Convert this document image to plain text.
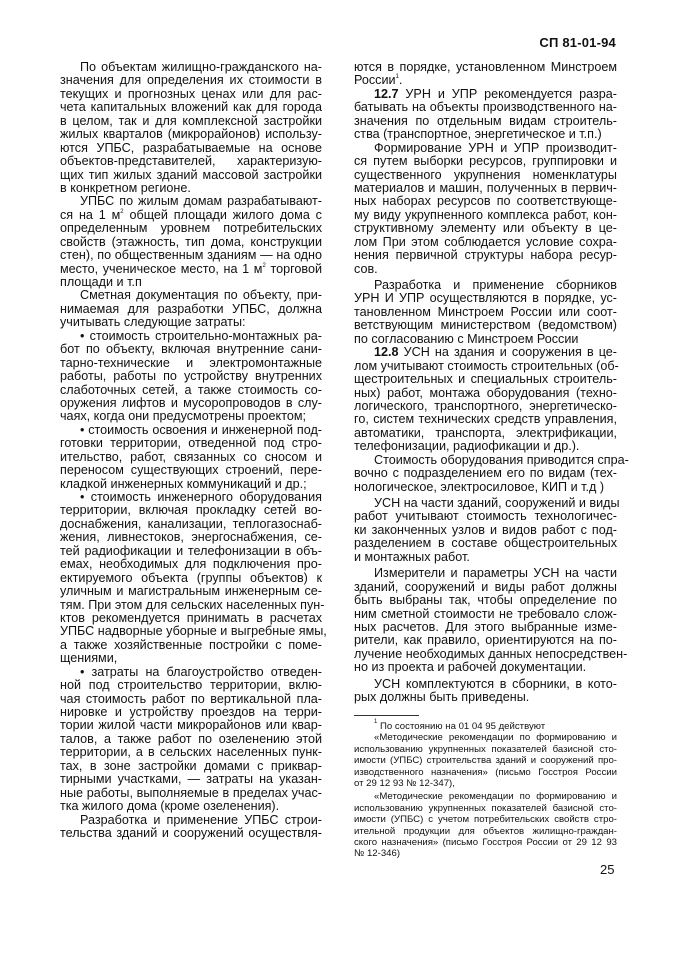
СП 81-01-94
По объектам жилищно-гражданского на-
значения для определения их стоимости в
текущих и прогнозных ценах или для рас-
чета капитальных вложений как для города
в целом, так и для комплексной застройки
жилых кварталов (микрорайонов) использу-
ются УПБС, разрабатываемые на основе
объектов-представителей, характеризую-
щих тип жилых зданий массовой застройки
в конкретном регионе.
УПБС по жилым домам разрабатывают-
ся на 1 $м^2$ общей площади жилого дома с
определенным уровнем потребительских
свойств (этажность, тип дома, конструкции
стен), по общественным зданиям — на одно
место, ученическое место, на 1 $м^2$ торговой
площади и т.п
Сметная документация по объекту, при-
нимаемая для разработки УПБС, должна
учитывать следующие затраты:
• стоимость строительно-монтажных ра-
бот по объекту, включая внутренние сани-
тарно-технические и электромонтажные
работы, работы по устройству внутренних
слаботочных сетей, а также стоимость со-
оружения лифтов и мусоропроводов в слу-
чаях, когда они предусмотрены проектом;
• стоимость освоения и инженерной под-
готовки территории, отведенной под стро-
ительство, работ, связанных со сносом и
переносом существующих строений, пере-
кладкой инженерных коммуникаций и др.;
• стоимость инженерного оборудования
территории, включая прокладку сетей во-
доснабжения, канализации, теплогазоснаб-
жения, ливнестоков, энергоснабжения, се-
тей радиофикации и телефонизации в объ-
емах, необходимых для подключения про-
ектируемого объекта (группы объектов) к
уличным и магистральным инженерным се-
тям. При этом для сельских населенных пун-
ктов рекомендуется принимать в расчетах
УПБС надворные уборные и выгребные ямы,
а также хозяйственные постройки с поме-
щениями,
• затраты на благоустройство отведен-
ной под строительство территории, вклю-
чая стоимость работ по вертикальной пла-
нировке и устройству проездов на терри-
тории жилой части микрорайонов или квар-
талов, а также работ по озеленению этой
территории, а в сельских населенных пунк-
тах, в зоне застройки домами с приквар-
тирными участками, — затраты на указан-
ные работы, выполняемые в пределах учас-
тка жилого дома (кроме озеленения).
Разработка и применение УПБС строи-
тельства зданий и сооружений осуществля-
ются в порядке, установленном Минстроем
России$^1$.
12.7 УРН и УПР рекомендуется разра-
батывать на объекты производственного на-
значения по отдельным видам строитель-
ства (транспортное, энергетическое и т.п.)
Формирование УРН и УПР производит-
ся путем выборки ресурсов, группировки и
существенного укрупнения номенклатуры
материалов и машин, полученных в первич-
ных наборах ресурсов по соответствующе-
му виду укрупненного комплекса работ, кон-
структивному элементу или объекту в це-
лом При этом соблюдается условие сохра-
нения первичной структуры набора ресур-
сов.
Разработка и применение сборников
УРН И УПР осуществляются в порядке, ус-
тановленном Минстроем России или соот-
ветствующим министерством (ведомством)
по согласованию с Минстроем России
12.8 УСН на здания и сооружения в це-
лом учитывают стоимость строительных (об-
щестроительных и специальных строитель-
ных) работ, монтажа оборудования (техно-
логического, транспортного, энергетическо-
го, систем технических средств управления,
автоматики, транспорта, электрификации,
телефонизации, радиофикации и др.).
Стоимость оборудования приводится спра-
вочно с подразделением его по видам (тех-
нологическое, электросиловое, КИП и т.д )
УСН на части зданий, сооружений и виды
работ учитывают стоимость технологичес-
ки законченных узлов и видов работ с под-
разделением в составе общестроительных
и монтажных работ.
Измерители и параметры УСН на части
зданий, сооружений и виды работ должны
быть выбраны так, чтобы определение по
ним сметной стоимости не требовало слож-
ных расчетов. Для этого выбранные изме-
рители, как правило, ориентируются на по-
лучение необходимых данных непосредствен-
но из проекта и рабочей документации.
УСН комплектуются в сборники, в кото-
рых должны быть приведены.
$^1$ По состоянию на 01 04 95 действуют
«Методические рекомендации по формированию и
использованию укрупненных показателей базисной сто-
имости (УПБС) строительства зданий и сооружений про-
изводственного назначения» (письмо Госстроя России
от 29 12 93 № 12-347),
«Методические рекомендации по формированию и
использованию укрупненных показателей базисной сто-
имости (УПБС) с учетом потребительских свойств стро-
ительной продукции для объектов жилищно-граждан-
ского назначения» (письмо Госстроя России от 29 12 93
№ 12-346)
25
